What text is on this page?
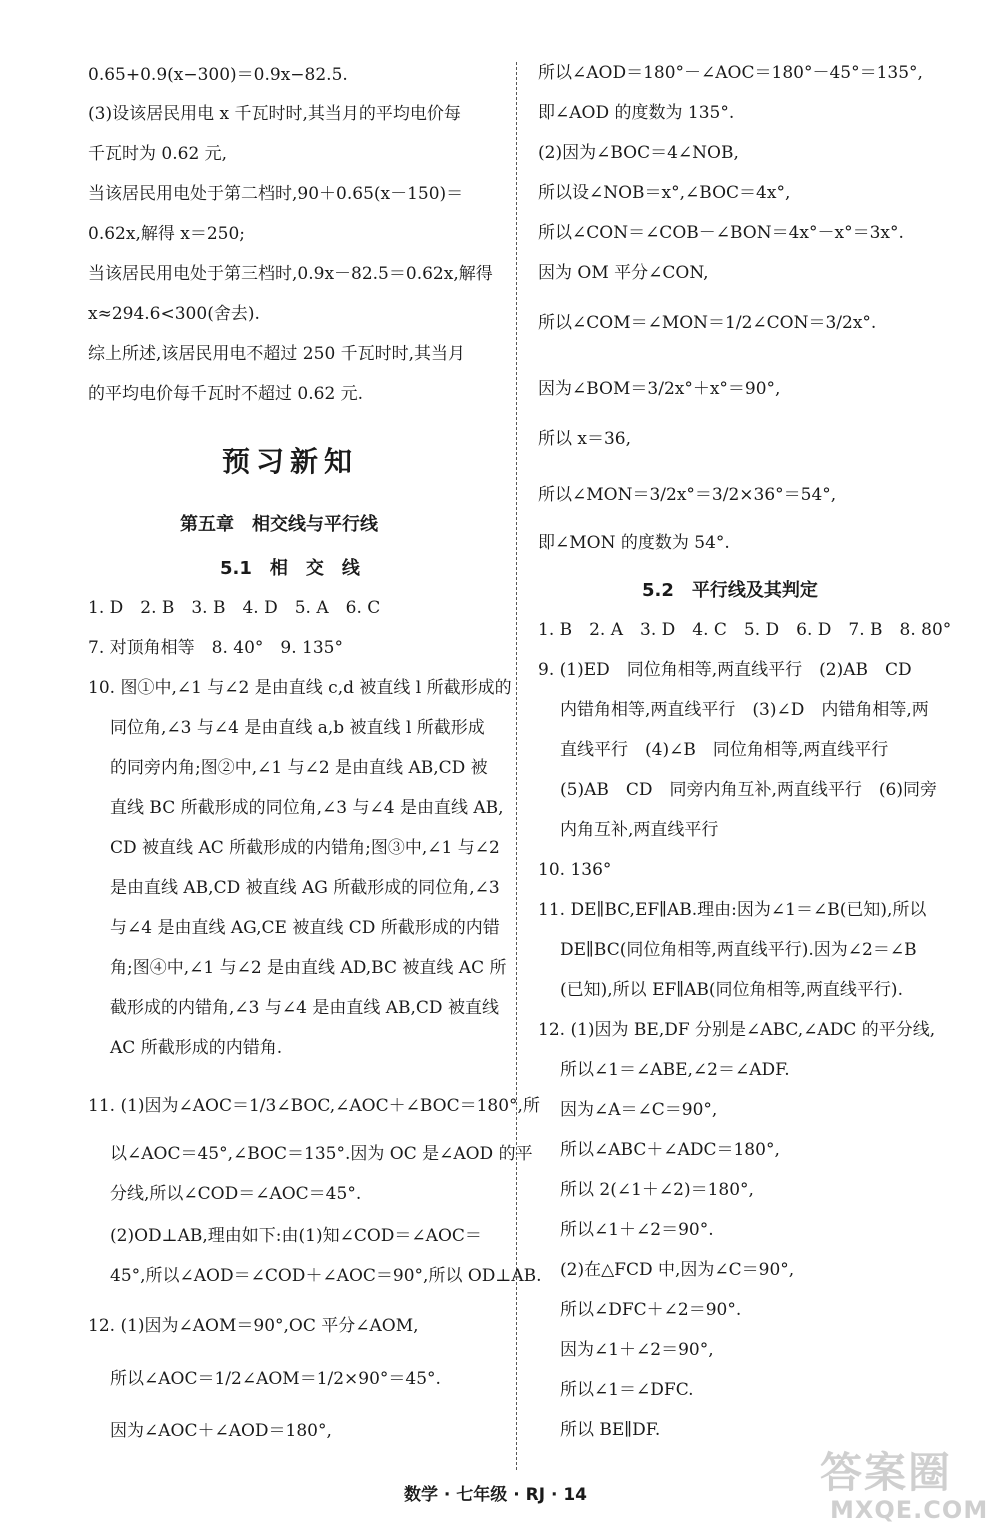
0.65+0.9(x−300)＝0.9x−82.5.
(3)设该居民用电 x 千瓦时时,其当月的平均电价每
千瓦时为 0.62 元,
当该居民用电处于第二档时,90＋0.65(x－150)＝
0.62x,解得 x＝250;
当该居民用电处于第三档时,0.9x－82.5＝0.62x,解得
x≈294.6<300(舍去).
综上所述,该居民用电不超过 250 千瓦时时,其当月
的平均电价每千瓦时不超过 0.62 元.
预习新知
第五章　相交线与平行线
5.1　相　交　线
1. D　2. B　3. B　4. D　5. A　6. C
7. 对顶角相等　8. 40°　9. 135°
10. 图①中,∠1 与∠2 是由直线 c,d 被直线 l 所截形成的
同位角,∠3 与∠4 是由直线 a,b 被直线 l 所截形成
的同旁内角;图②中,∠1 与∠2 是由直线 AB,CD 被
直线 BC 所截形成的同位角,∠3 与∠4 是由直线 AB,
CD 被直线 AC 所截形成的内错角;图③中,∠1 与∠2
是由直线 AB,CD 被直线 AG 所截形成的同位角,∠3
与∠4 是由直线 AG,CE 被直线 CD 所截形成的内错
角;图④中,∠1 与∠2 是由直线 AD,BC 被直线 AC 所
截形成的内错角,∠3 与∠4 是由直线 AB,CD 被直线
AC 所截形成的内错角.
11. (1)因为∠AOC＝1/3∠BOC,∠AOC＋∠BOC＝180°,所
以∠AOC＝45°,∠BOC＝135°.因为 OC 是∠AOD 的平
分线,所以∠COD＝∠AOC＝45°.
(2)OD⊥AB,理由如下:由(1)知∠COD＝∠AOC＝
45°,所以∠AOD＝∠COD＋∠AOC＝90°,所以 OD⊥AB.
12. (1)因为∠AOM＝90°,OC 平分∠AOM,
所以∠AOC＝1/2∠AOM＝1/2×90°＝45°.
因为∠AOC＋∠AOD＝180°,
所以∠AOD＝180°－∠AOC＝180°－45°＝135°,
即∠AOD 的度数为 135°.
(2)因为∠BOC＝4∠NOB,
所以设∠NOB＝x°,∠BOC＝4x°,
所以∠CON＝∠COB－∠BON＝4x°－x°＝3x°.
因为 OM 平分∠CON,
所以∠COM＝∠MON＝1/2∠CON＝3/2x°.
因为∠BOM＝3/2x°＋x°＝90°,
所以 x＝36,
所以∠MON＝3/2x°＝3/2×36°＝54°,
即∠MON 的度数为 54°.
5.2　平行线及其判定
1. B　2. A　3. D　4. C　5. D　6. D　7. B　8. 80°
9. (1)ED　同位角相等,两直线平行　(2)AB　CD
内错角相等,两直线平行　(3)∠D　内错角相等,两
直线平行　(4)∠B　同位角相等,两直线平行
(5)AB　CD　同旁内角互补,两直线平行　(6)同旁
内角互补,两直线平行
10. 136°
11. DE∥BC,EF∥AB.理由:因为∠1＝∠B(已知),所以
DE∥BC(同位角相等,两直线平行).因为∠2＝∠B
(已知),所以 EF∥AB(同位角相等,两直线平行).
12. (1)因为 BE,DF 分别是∠ABC,∠ADC 的平分线,
所以∠1＝∠ABE,∠2＝∠ADF.
因为∠A＝∠C＝90°,
所以∠ABC＋∠ADC＝180°,
所以 2(∠1＋∠2)＝180°,
所以∠1＋∠2＝90°.
(2)在△FCD 中,因为∠C＝90°,
所以∠DFC＋∠2＝90°.
因为∠1＋∠2＝90°,
所以∠1＝∠DFC.
所以 BE∥DF.
数学 · 七年级 · RJ · 14	答案圈
MXQE.COM
